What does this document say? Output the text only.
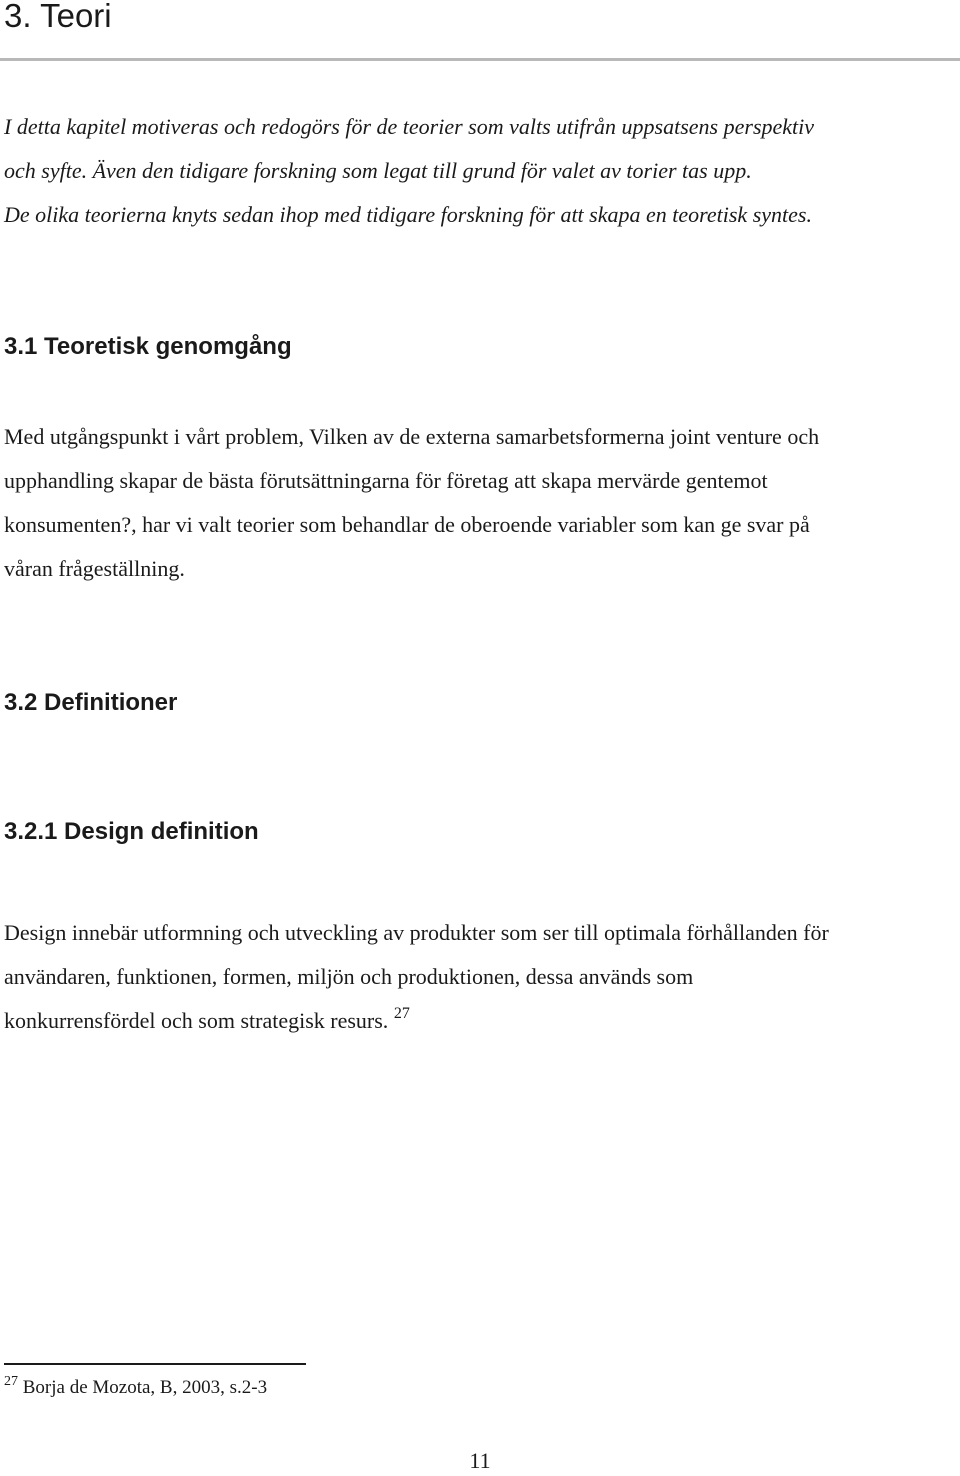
3. Teori
I detta kapitel motiveras och redogörs för de teorier som valts utifrån uppsatsens perspektiv
och syfte. Även den tidigare forskning som legat till grund för valet av torier tas upp.
De olika teorierna knyts sedan ihop med tidigare forskning för att skapa en teoretisk syntes.
3.1 Teoretisk genomgång
Med utgångspunkt i vårt problem, Vilken av de externa samarbetsformerna joint venture och
upphandling skapar de bästa förutsättningarna för företag att skapa mervärde gentemot
konsumenten?, har vi valt teorier som behandlar de oberoende variabler som kan ge svar på
våran frågeställning.
3.2 Definitioner
3.2.1 Design definition
Design innebär utformning och utveckling av produkter som ser till optimala förhållanden för
användaren, funktionen, formen, miljön och produktionen, dessa används som
konkurrensfördel och som strategisk resurs. $^{27}$

$^{27}$ Borja de Mozota, B, 2003, s.2-3

11
